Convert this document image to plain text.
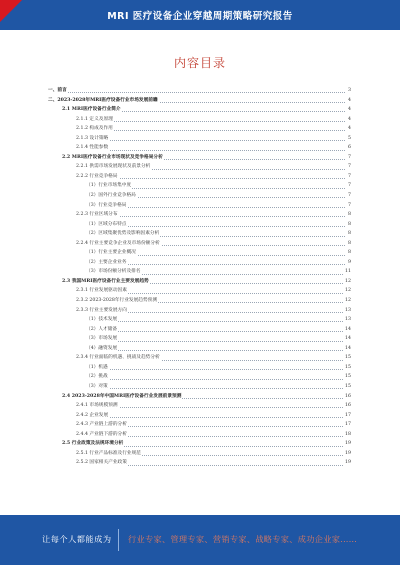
MRI 医疗设备企业穿越周期策略研究报告
内容目录
一、前言	3
二、2023-2028年MRI医疗设备行业市场发展前瞻	4
2.1 MRI医疗设备行业简介	4
2.1.1 定义及原理	4
2.1.2 构成及作用	4
2.1.3 设计策略	5
2.1.4 性能参数	6
2.2 MRI医疗设备行业市场现状及竞争格局分析	7
2.2.1 供需市场发展现状及前景分析	7
2.2.2 行业竞争格局	7
（1）行业市场集中度	7
（2）国外行业竞争格局	7
（3）行业竞争格局	7
2.2.3 行业区域分布	8
（1）区域分布特点	8
（2）区域集聚优势及影响因素分析	8
2.2.4 行业主要竞争企业及市场份额分析	8
（1）行业主要企业概况	8
（2）主要企业业务	9
（3）市场份额分析及排名	11
2.3 我国MRI医疗设备行业主要发展趋势	12
2.3.1 行业发展驱动因素	12
2.3.2 2023-2028年行业发展趋势预测	12
2.3.3 行业主要发展方向	13
（1）技术发展	13
（2）人才储备	14
（3）市场发展	14
（4）融资发展	14
2.3.4 行业面临的机遇、挑战及趋势分析	15
（1）机遇	15
（2）挑战	15
（3）对策	15
2.4 2023-2028年中国MRI医疗设备行业发展前景预测	16
2.4.1 市场规模预测	16
2.4.2 企业发展	17
2.4.3 产业链上游的分析	17
2.4.4 产业链下游的分析	18
2.5 行业政策及法规环境分析	19
2.5.1 行业产品标准及行业规范	19
2.5.2 国家相关产业政策	19
让每个人都能成为 行业专家、管理专家、营销专家、战略专家、成功企业家……
